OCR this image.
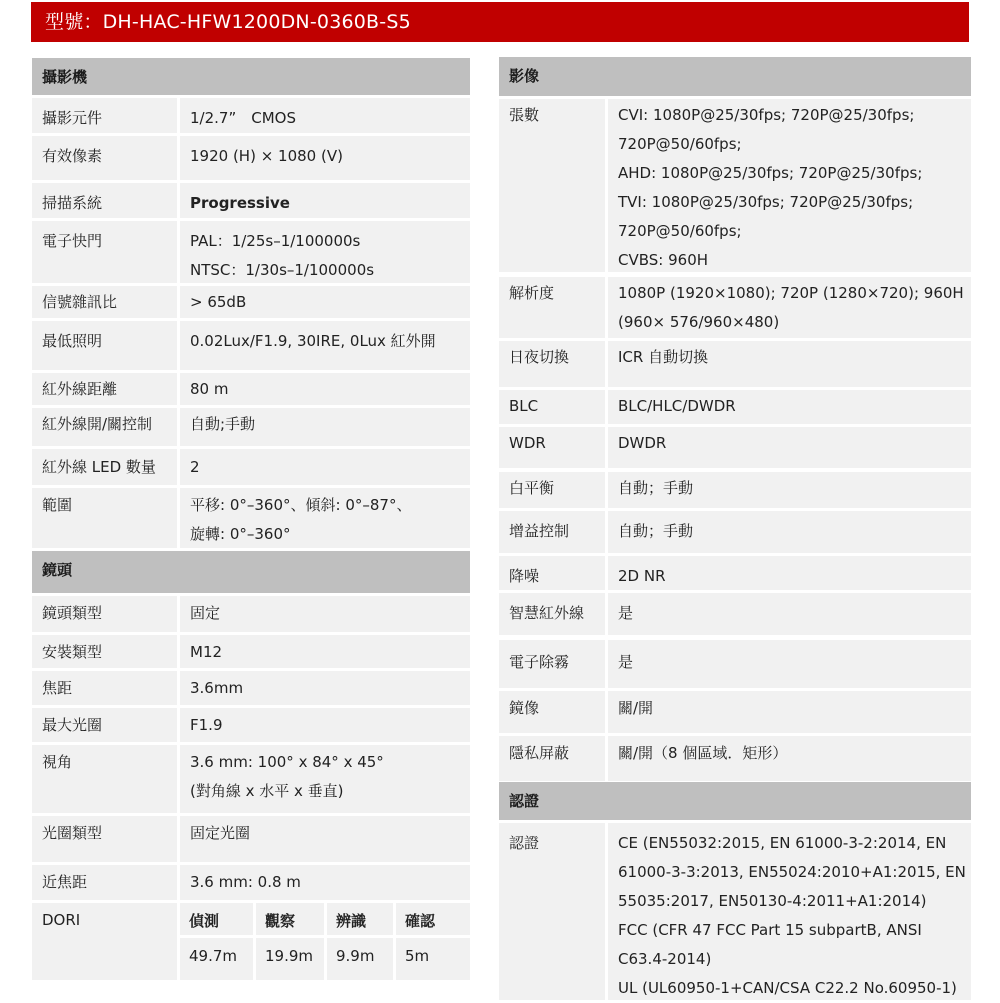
型號：DH-HAC-HFW1200DN-0360B-S5
攝影機
攝影元件	1/2.7”　CMOS
有效像素	1920 (H) × 1080 (V)
掃描系統	Progressive
電子快門	PAL：1/25s–1/100000s
NTSC：1/30s–1/100000s
信號雜訊比	> 65dB
最低照明	0.02Lux/F1.9, 30IRE, 0Lux 紅外開
紅外線距離	80 m
紅外線開/關控制	自動;手動
紅外線 LED 數量	2
範圍	平移: 0°–360°、傾斜: 0°–87°、
旋轉: 0°–360°
鏡頭
鏡頭類型	固定
安裝類型	M12
焦距	3.6mm
最大光圈	F1.9
視角	3.6 mm: 100° x 84° x 45°
(對角線 x 水平 x 垂直)
光圈類型	固定光圈
近焦距	3.6 mm: 0.8 m
DORI	偵測	觀察	辨識	確認
49.7m	19.9m	9.9m	5m
影像
張數	CVI: 1080P@25/30fps; 720P@25/30fps;
720P@50/60fps;
AHD: 1080P@25/30fps; 720P@25/30fps;
TVI: 1080P@25/30fps; 720P@25/30fps;
720P@50/60fps;
CVBS: 960H
解析度	1080P (1920×1080); 720P (1280×720); 960H
(960× 576/960×480)
日夜切換	ICR 自動切換
BLC	BLC/HLC/DWDR
WDR	DWDR
白平衡	自動；手動
增益控制	自動；手動
降噪	2D NR
智慧紅外線	是
電子除霧	是
鏡像	關/開
隱私屏蔽	關/開（8 個區域．矩形）
認證
認證	CE (EN55032:2015, EN 61000-3-2:2014, EN
61000-3-3:2013, EN55024:2010+A1:2015, EN
55035:2017, EN50130-4:2011+A1:2014)
FCC (CFR 47 FCC Part 15 subpartB, ANSI
C63.4-2014)
UL (UL60950-1+CAN/CSA C22.2 No.60950-1)
